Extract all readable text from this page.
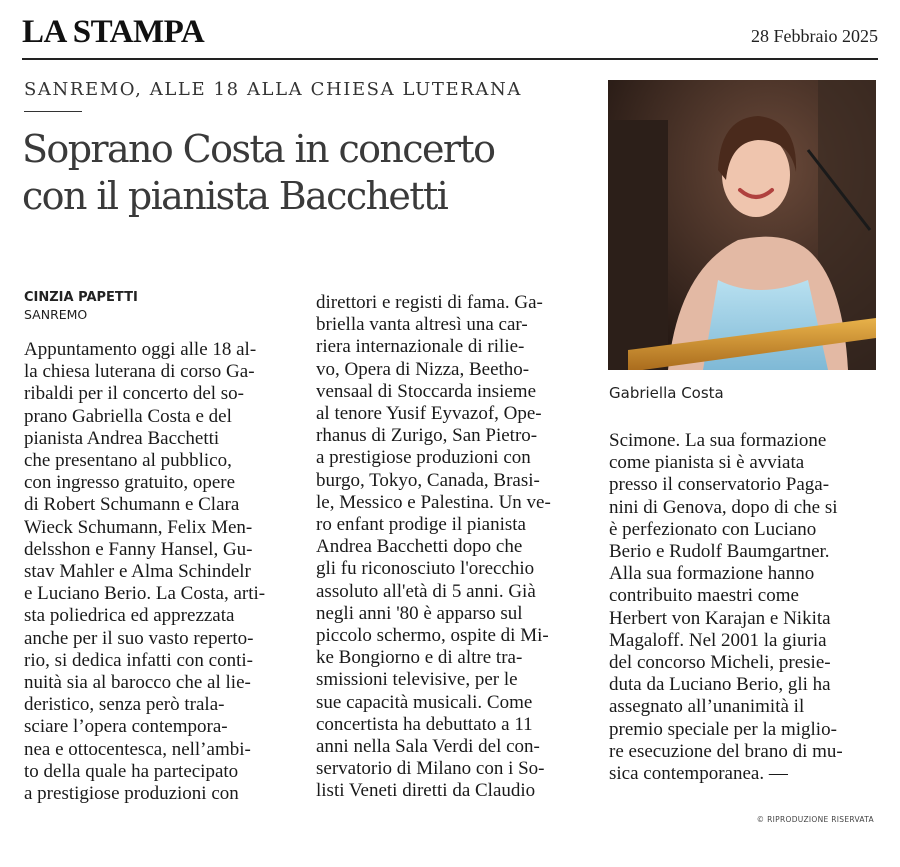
LA STAMPA	28 Febbraio 2025
SANREMO, ALLE 18 ALLA CHIESA LUTERANA
Soprano Costa in concerto
con il pianista Bacchetti
CINZIA PAPETTI
SANREMO
Appuntamento oggi alle 18 al-
la chiesa luterana di corso Ga-
ribaldi per il concerto del so-
prano Gabriella Costa e del
pianista Andrea Bacchetti
che presentano al pubblico,
con ingresso gratuito, opere
di Robert Schumann e Clara
Wieck Schumann, Felix Men-
delsshon e Fanny Hansel, Gu-
stav Mahler e Alma Schindelr
e Luciano Berio. La Costa, arti-
sta poliedrica ed apprezzata
anche per il suo vasto reperto-
rio, si dedica infatti con conti-
nuità sia al barocco che al lie-
deristico, senza però trala-
sciare l’opera contempora-
nea e ottocentesca, nell’ambi-
to della quale ha partecipato
a prestigiose produzioni con
direttori e registi di fama. Ga-
briella vanta altresì una car-
riera internazionale di rilie-
vo, Opera di Nizza, Beetho-
vensaal di Stoccarda insieme
al tenore Yusif Eyvazof, Ope-
rhanus di Zurigo, San Pietro-
a prestigiose produzioni con
burgo, Tokyo, Canada, Brasi-
le, Messico e Palestina. Un ve-
ro enfant prodige il pianista
Andrea Bacchetti dopo che
gli fu riconosciuto l'orecchio
assoluto all'età di 5 anni. Già
negli anni '80 è apparso sul
piccolo schermo, ospite di Mi-
ke Bongiorno e di altre tra-
smissioni televisive, per le
sue capacità musicali. Come
concertista ha debuttato a 11
anni nella Sala Verdi del con-
servatorio di Milano con i So-
listi Veneti diretti da Claudio
Gabriella Costa
Scimone. La sua formazione
come pianista si è avviata
presso il conservatorio Paga-
nini di Genova, dopo di che si
è perfezionato con Luciano
Berio e Rudolf Baumgartner.
Alla sua formazione hanno
contribuito maestri come
Herbert von Karajan e Nikita
Magaloff. Nel 2001 la giuria
del concorso Micheli, presie-
duta da Luciano Berio, gli ha
assegnato all’unanimità il
premio speciale per la miglio-
re esecuzione del brano di mu-
sica contemporanea. —
© RIPRODUZIONE RISERVATA
